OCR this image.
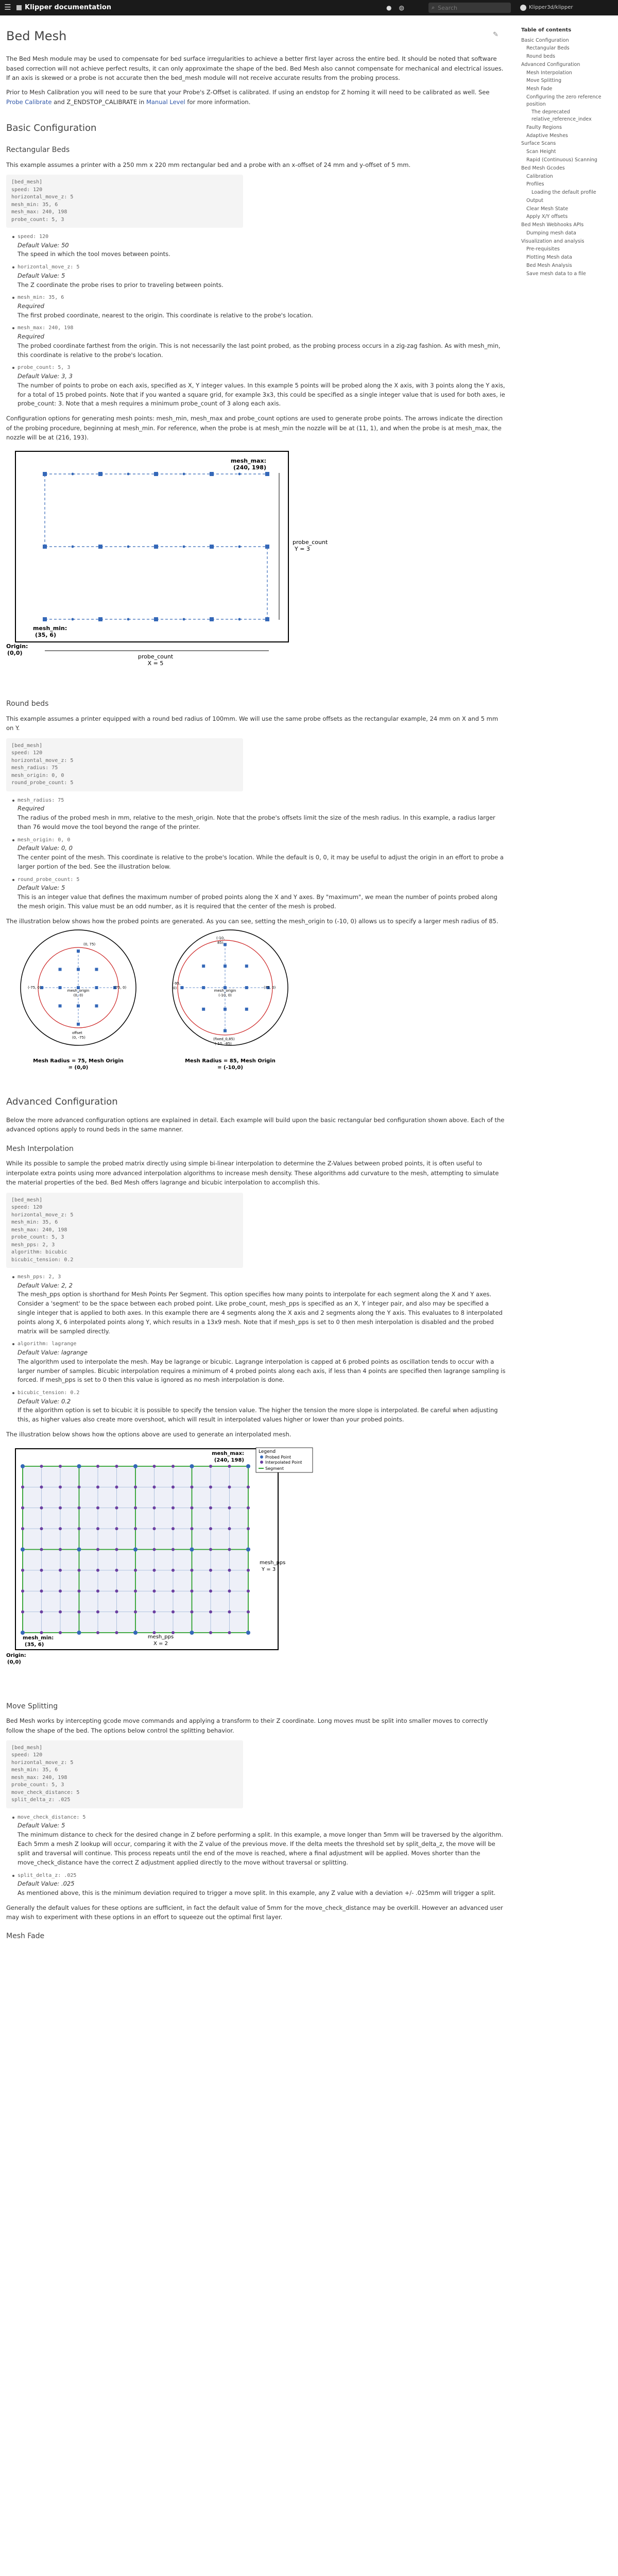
☰	Klipper documentation	● ◍	⌕
Search	Klipper3d/klipper
✎
Bed Mesh

The Bed Mesh module may be used to compensate for bed surface irregularities to achieve a better first layer across the entire bed. It should be noted that software based correction will not achieve perfect results, it can only approximate the shape of the bed. Bed Mesh also cannot compensate for mechanical and electrical issues. If an axis is skewed or a probe is not accurate then the bed_mesh module will not receive accurate results from the probing process.

Prior to Mesh Calibration you will need to be sure that your Probe's Z-Offset is calibrated. If using an endstop for Z homing it will need to be calibrated as well. See Probe Calibrate and Z_ENDSTOP_CALIBRATE in Manual Level for more information.

Basic Configuration
Rectangular Beds

This example assumes a printer with a 250 mm x 220 mm rectangular bed and a probe with an x-offset of 24 mm and y-offset of 5 mm.

[bed_mesh]
speed: 120
horizontal_move_z: 5
mesh_min: 35, 6
mesh_max: 240, 198
probe_count: 5, 3
speed: 120
Default Value: 50
The speed in which the tool moves between points.
horizontal_move_z: 5
Default Value: 5
The Z coordinate the probe rises to prior to traveling between points.
mesh_min: 35, 6
Required
The first probed coordinate, nearest to the origin. This coordinate is relative to the probe's location.
mesh_max: 240, 198
Required
The probed coordinate farthest from the origin. This is not necessarily the last point probed, as the probing process occurs in a zig-zag fashion. As with mesh_min, this coordinate is relative to the probe's location.
probe_count: 5, 3
Default Value: 3, 3
The number of points to probe on each axis, specified as X, Y integer values. In this example 5 points will be probed along the X axis, with 3 points along the Y axis, for a total of 15 probed points. Note that if you wanted a square grid, for example 3x3, this could be specified as a single integer value that is used for both axes, ie probe_count: 3. Note that a mesh requires a minimum probe_count of 3 along each axis.

Configuration options for generating mesh points: mesh_min, mesh_max and probe_count options are used to generate probe points. The arrows indicate the direction of the probing procedure, beginning at mesh_min. For reference, when the probe is at mesh_min the nozzle will be at (11, 1), and when the probe is at mesh_max, the nozzle will be at (216, 193).

mesh_max:
(240, 198)
mesh_min:
(35, 6)
Origin:
(0,0)
probe_count
X = 5
probe_count
Y = 3
Round beds

This example assumes a printer equipped with a round bed radius of 100mm. We will use the same probe offsets as the rectangular example, 24 mm on X and 5 mm on Y.

[bed_mesh]
speed: 120
horizontal_move_z: 5
mesh_radius: 75
mesh_origin: 0, 0
round_probe_count: 5
mesh_radius: 75
Required
The radius of the probed mesh in mm, relative to the mesh_origin. Note that the probe's offsets limit the size of the mesh radius. In this example, a radius larger than 76 would move the tool beyond the range of the printer.
mesh_origin: 0, 0
Default Value: 0, 0
The center point of the mesh. This coordinate is relative to the probe's location. While the default is 0, 0, it may be useful to adjust the origin in an effort to probe a larger portion of the bed. See the illustration below.
round_probe_count: 5
Default Value: 5
This is an integer value that defines the maximum number of probed points along the X and Y axes. By "maximum", we mean the number of points probed along the mesh origin. This value must be an odd number, as it is required that the center of the mesh is probed.

The illustration below shows how the probed points are generated. As you can see, setting the mesh_origin to (-10, 0) allows us to specify a larger mesh radius of 85.

Mesh Radius = 75, Mesh Origin
= (0,0)
Mesh Radius = 85, Mesh Origin
= (-10,0)
mesh_origin
(0, 0)
mesh_origin
(-10, 0)
(0, 75)
(-75, 0)	(75, 0)
offset
(0, -75)
(-10,
85)
(-95,
0)	(75, 0)
(fixed_0,85)
(-10, -85)
Advanced Configuration

Below the more advanced configuration options are explained in detail. Each example will build upon the basic rectangular bed configuration shown above. Each of the advanced options apply to round beds in the same manner.

Mesh Interpolation

While its possible to sample the probed matrix directly using simple bi-linear interpolation to determine the Z-Values between probed points, it is often useful to interpolate extra points using more advanced interpolation algorithms to increase mesh density. These algorithms add curvature to the mesh, attempting to simulate the material properties of the bed. Bed Mesh offers lagrange and bicubic interpolation to accomplish this.

[bed_mesh]
speed: 120
horizontal_move_z: 5
mesh_min: 35, 6
mesh_max: 240, 198
probe_count: 5, 3
mesh_pps: 2, 3
algorithm: bicubic
bicubic_tension: 0.2
mesh_pps: 2, 3
Default Value: 2, 2
The mesh_pps option is shorthand for Mesh Points Per Segment. This option specifies how many points to interpolate for each segment along the X and Y axes. Consider a 'segment' to be the space between each probed point. Like probe_count, mesh_pps is specified as an X, Y integer pair, and also may be specified a single integer that is applied to both axes. In this example there are 4 segments along the X axis and 2 segments along the Y axis. This evaluates to 8 interpolated points along X, 6 interpolated points along Y, which results in a 13x9 mesh. Note that if mesh_pps is set to 0 then mesh interpolation is disabled and the probed matrix will be sampled directly.
algorithm: lagrange
Default Value: lagrange
The algorithm used to interpolate the mesh. May be lagrange or bicubic. Lagrange interpolation is capped at 6 probed points as oscillation tends to occur with a larger number of samples. Bicubic interpolation requires a minimum of 4 probed points along each axis, if less than 4 points are specified then lagrange sampling is forced. If mesh_pps is set to 0 then this value is ignored as no mesh interpolation is done.
bicubic_tension: 0.2
Default Value: 0.2
If the algorithm option is set to bicubic it is possible to specify the tension value. The higher the tension the more slope is interpolated. Be careful when adjusting this, as higher values also create more overshoot, which will result in interpolated values higher or lower than your probed points.

The illustration below shows how the options above are used to generate an interpolated mesh.

Legend
Probed Point
Interpolated Point
Segment
mesh_max:
(240, 198)
mesh_min:
(35, 6)
Origin:
(0,0)
mesh_pps
X = 2
mesh_pps
Y = 3
Move Splitting

Bed Mesh works by intercepting gcode move commands and applying a transform to their Z coordinate. Long moves must be split into smaller moves to correctly follow the shape of the bed. The options below control the splitting behavior.

[bed_mesh]
speed: 120
horizontal_move_z: 5
mesh_min: 35, 6
mesh_max: 240, 198
probe_count: 5, 3
move_check_distance: 5
split_delta_z: .025
move_check_distance: 5
Default Value: 5
The minimum distance to check for the desired change in Z before performing a split. In this example, a move longer than 5mm will be traversed by the algorithm. Each 5mm a mesh Z lookup will occur, comparing it with the Z value of the previous move. If the delta meets the threshold set by split_delta_z, the move will be split and traversal will continue. This process repeats until the end of the move is reached, where a final adjustment will be applied. Moves shorter than the move_check_distance have the correct Z adjustment applied directly to the move without traversal or splitting.
split_delta_z: .025
Default Value: .025
As mentioned above, this is the minimum deviation required to trigger a move split. In this example, any Z value with a deviation +/- .025mm will trigger a split.

Generally the default values for these options are sufficient, in fact the default value of 5mm for the move_check_distance may be overkill. However an advanced user may wish to experiment with these options in an effort to squeeze out the optimal first layer.

Mesh Fade
Table of contents
Basic Configuration
Rectangular Beds
Round beds
Advanced Configuration
Mesh Interpolation
Move Splitting
Mesh Fade
Configuring the zero reference position
The deprecated relative_reference_index
Faulty Regions
Adaptive Meshes
Surface Scans
Scan Height
Rapid (Continuous) Scanning
Bed Mesh Gcodes
Calibration
Profiles
Loading the default profile
Output
Clear Mesh State
Apply X/Y offsets
Bed Mesh Webhooks APIs
Dumping mesh data
Visualization and analysis
Pre-requisites
Plotting Mesh data
Bed Mesh Analysis
Save mesh data to a file
